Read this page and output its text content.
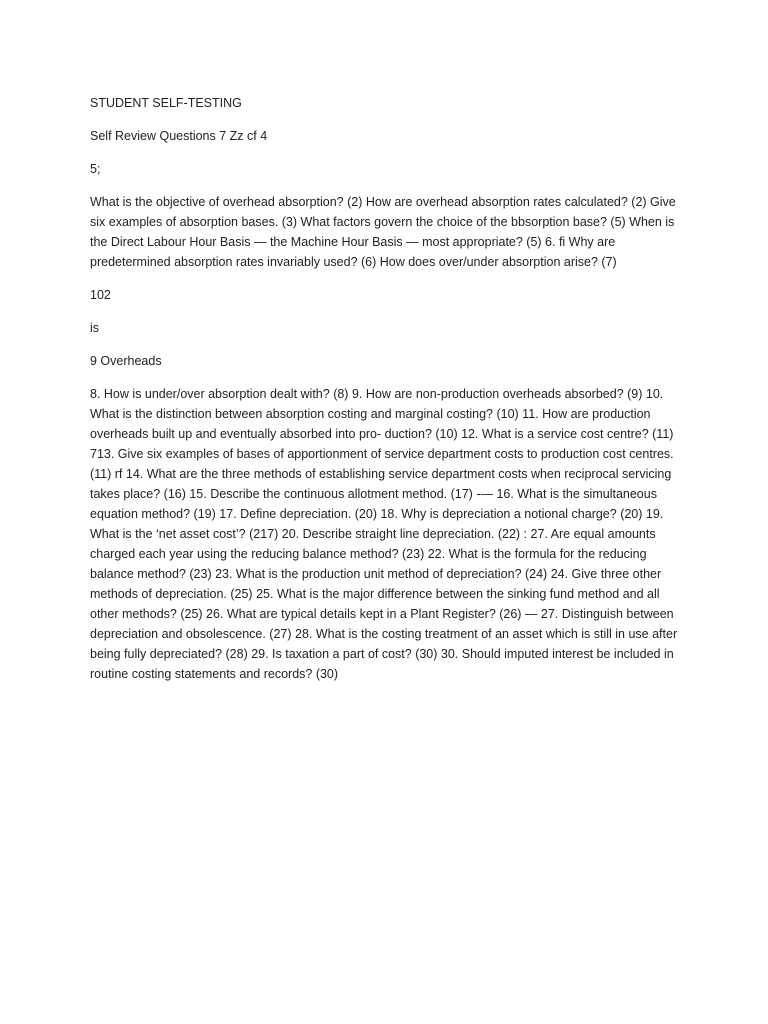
STUDENT SELF-TESTING

Self Review Questions 7 Zz cf 4

5;

What is the objective of overhead absorption? (2) How are overhead absorption rates calculated? (2) Give six examples of absorption bases. (3) What factors govern the choice of the bbsorption base? (5) When is the Direct Labour Hour Basis — the Machine Hour Basis — most appropriate? (5) 6. fi Why are predetermined absorption rates invariably used? (6) How does over/under absorption arise? (7)

102

is

9 Overheads

8. How is under/over absorption dealt with? (8) 9. How are non-production overheads absorbed? (9) 10. What is the distinction between absorption costing and marginal costing? (10) 11. How are production overheads built up and eventually absorbed into pro- duction? (10) 12. What is a service cost centre? (11) 713. Give six examples of bases of apportionment of service department costs to production cost centres. (11) rf 14. What are the three methods of establishing service department costs when reciprocal servicing takes place? (16) 15. Describe the continuous allotment method. (17) -— 16. What is the simultaneous equation method? (19) 17. Define depreciation. (20) 18. Why is depreciation a notional charge? (20) 19. What is the ‘net asset cost’? (217) 20. Describe straight line depreciation. (22) : 27. Are equal amounts charged each year using the reducing balance method? (23) 22. What is the formula for the reducing balance method? (23) 23. What is the production unit method of depreciation? (24) 24. Give three other methods of depreciation. (25) 25. What is the major difference between the sinking fund method and all other methods? (25) 26. What are typical details kept in a Plant Register? (26) — 27. Distinguish between depreciation and obsolescence. (27) 28. What is the costing treatment of an asset which is still in use after being fully depreciated? (28) 29. Is taxation a part of cost? (30) 30. Should imputed interest be included in routine costing statements and records? (30)
